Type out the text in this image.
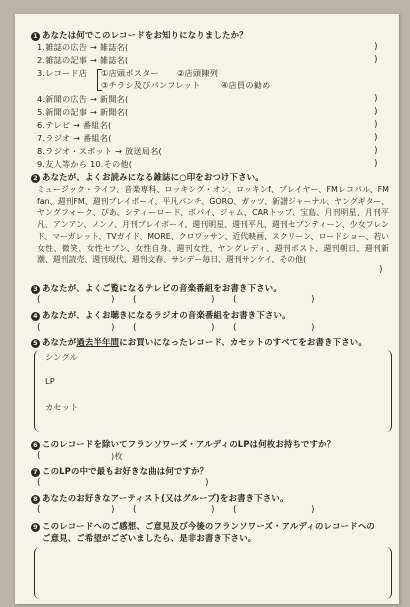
1 あなたは何でこのレコードをお知りになりましたか？
1.雑誌の広告 → 雑誌名(	)
2.雑誌の記事 → 雑誌名(	)
3.レコード店 ①店頭ポスター ②店頭陳列
③チラシ及びパンフレット	④店員の勧め
4.新聞の広告 → 新聞名(	)
5.新聞の記事 → 新聞名(	)
6.テレビ → 番組名(	)
7.ラジオ → 番組名(	)
8.ラジオ・スポット → 放送局名(	)
9.友人等から 10.その他(	)
2 あなたが、よくお読みになる雑誌に○印をおつけ下さい。
ミュージック・ライフ、音楽専科、ロッキング・オン、ロッキンf、プレイヤー、FMレコパル、FM fan、週刊FM、週刊プレイボーイ、平凡パンチ、GORO、ガッツ、新譜ジャーナル、ヤングギター、ヤングフォーク、ぴあ、シティーロード、ポパイ、ジャム、CARトップ、宝島、月刊明星、月刊平凡、アンアン、ノンノ、月刊プレイボーイ、週刊明星、週刊平凡、週刊セブンティーン、少女フレンド、マーガレット、TVガイド、MORE、クロワッサン、近代映画、スクリーン、ロードショー、若い女性、微笑、女性セブン、女性自身、週刊女性、ヤングレディ、週刊ポスト、週刊朝日、週刊新潮、週刊読売、週刊現代、週刊文春、サンデー毎日、週刊サンケイ、その他(
)
3 あなたが、よくご覧になるテレビの音楽番組をお書き下さい。
(	) (	) (	)
4 あなたが、よくお聴きになるラジオの音楽番組をお書き下さい。
(	) (	) (	)
5 あなたが過去半年間にお買いになったレコード、カセットのすべてをお書き下さい。
シングル
LP
カセット
6 このレコードを除いてフランソワーズ・アルディのLPは何枚お持ちですか？
(	)枚
7 このLPの中で最もお好きな曲は何ですか？
(	)
8 あなたのお好きなアーティスト(又はグループ)をお書き下さい。
(	) (	) (	)
9 このレコードへのご感想、ご意見及び今後のフランソワーズ・アルディのレコードへの
ご意見、ご希望がございましたら、是非お書き下さい。
